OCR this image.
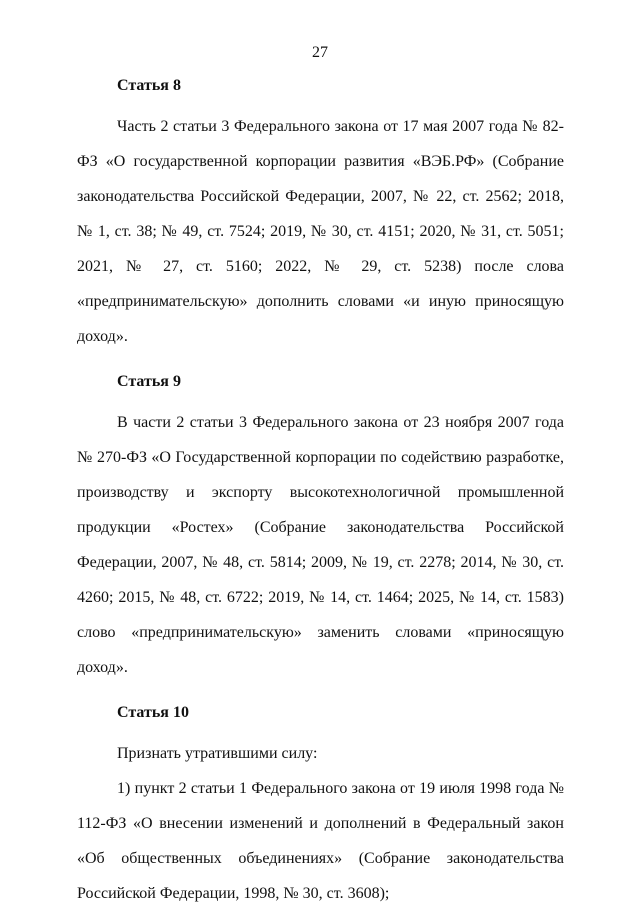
27
Статья 8

Часть 2 статьи 3 Федерального закона от 17 мая 2007 года № 82-ФЗ «О государственной корпорации развития «ВЭБ.РФ» (Собрание законодательства Российской Федерации, 2007, № 22, ст. 2562; 2018, № 1, ст. 38; № 49, ст. 7524; 2019, № 30, ст. 4151; 2020, № 31, ст. 5051; 2021, № 27, ст. 5160; 2022, № 29, ст. 5238) после слова «предпринимательскую» дополнить словами «и иную приносящую доход».

Статья 9

В части 2 статьи 3 Федерального закона от 23 ноября 2007 года № 270-ФЗ «О Государственной корпорации по содействию разработке, производству и экспорту высокотехнологичной промышленной продукции «Ростех» (Собрание законодательства Российской Федерации, 2007, № 48, ст. 5814; 2009, № 19, ст. 2278; 2014, № 30, ст. 4260; 2015, № 48, ст. 6722; 2019, № 14, ст. 1464; 2025, № 14, ст. 1583) слово «предпринимательскую» заменить словами «приносящую доход».

Статья 10

Признать утратившими силу:

1) пункт 2 статьи 1 Федерального закона от 19 июля 1998 года № 112-ФЗ «О внесении изменений и дополнений в Федеральный закон «Об общественных объединениях» (Собрание законодательства Российской Федерации, 1998, № 30, ст. 3608);
